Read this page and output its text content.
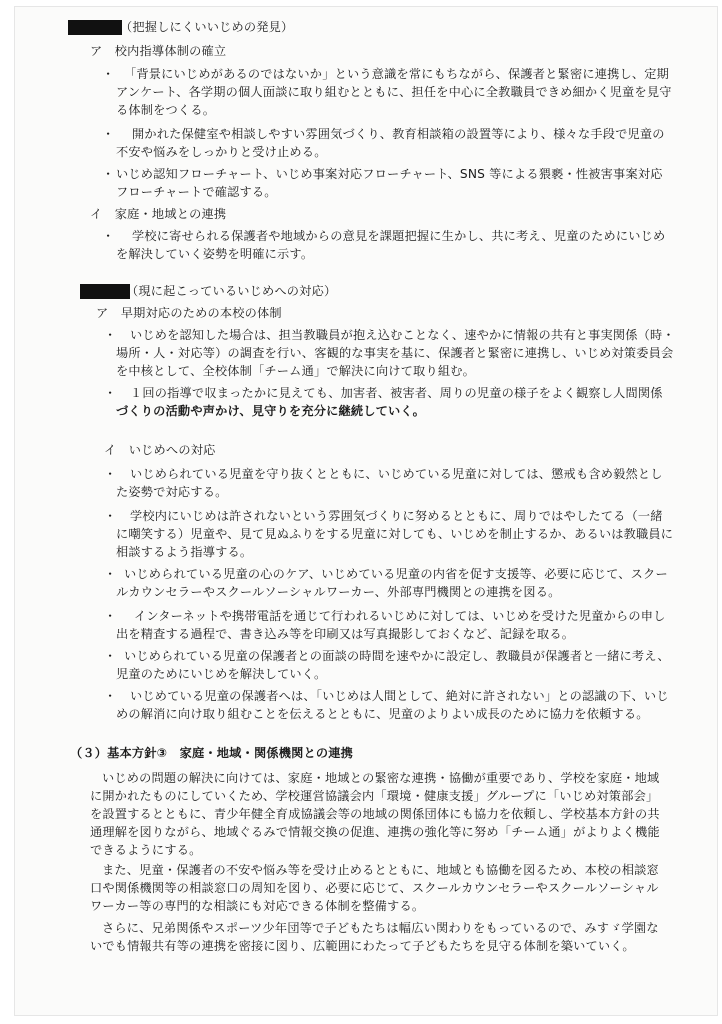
（把握しにくいいじめの発見）
ア　校内指導体制の確立
・ 「背景にいじめがあるのではないか」という意識を常にもちながら、保護者と緊密に連携し、定期
アンケート、各学期の個人面談に取り組むとともに、担任を中心に全教職員できめ細かく児童を見守
る体制をつくる。
・ 開かれた保健室や相談しやすい雰囲気づくり、教育相談箱の設置等により、様々な手段で児童の
不安や悩みをしっかりと受け止める。
・ いじめ認知フローチャート、いじめ事案対応フローチャート、SNS 等による猥褻・性被害事案対応
フローチャートで確認する。
イ　家庭・地域との連携
・ 学校に寄せられる保護者や地域からの意見を課題把握に生かし、共に考え、児童のためにいじめ
を解決していく姿勢を明確に示す。
（現に起こっているいじめへの対応）
ア　早期対応のための本校の体制
・ いじめを認知した場合は、担当教職員が抱え込むことなく、速やかに情報の共有と事実関係（時・
場所・人・対応等）の調査を行い、客観的な事実を基に、保護者と緊密に連携し、いじめ対策委員会
を中核として、全校体制「チーム通」で解決に向けて取り組む。
・ １回の指導で収まったかに見えても、加害者、被害者、周りの児童の様子をよく観察し人間関係
づくりの活動や声かけ、見守りを充分に継続していく。
イ　いじめへの対応
・ いじめられている児童を守り抜くとともに、いじめている児童に対しては、懲戒も含め毅然とし
た姿勢で対応する。
・ 学校内にいじめは許されないという雰囲気づくりに努めるとともに、周りではやしたてる（一緒
に嘲笑する）児童や、見て見ぬふりをする児童に対しても、いじめを制止するか、あるいは教職員に
相談するよう指導する。
・ いじめられている児童の心のケア、いじめている児童の内省を促す支援等、必要に応じて、スクー
ルカウンセラーやスクールソーシャルワーカー、外部専門機関との連携を図る。
・ インターネットや携帯電話を通じて行われるいじめに対しては、いじめを受けた児童からの申し
出を精査する過程で、書き込み等を印刷又は写真撮影しておくなど、記録を取る。
・ いじめられている児童の保護者との面談の時間を速やかに設定し、教職員が保護者と一緒に考え、
児童のためにいじめを解決していく。
・ いじめている児童の保護者へは、「いじめは人間として、絶対に許されない」との認識の下、いじ
めの解消に向け取り組むことを伝えるとともに、児童のよりよい成長のために協力を依頼する。
（３）基本方針③　家庭・地域・関係機関との連携
いじめの問題の解決に向けては、家庭・地域との緊密な連携・協働が重要であり、学校を家庭・地域
に開かれたものにしていくため、学校運営協議会内「環境・健康支援」グループに「いじめ対策部会」
を設置するとともに、青少年健全育成協議会等の地域の関係団体にも協力を依頼し、学校基本方針の共
通理解を図りながら、地域ぐるみで情報交換の促進、連携の強化等に努め「チーム通」がよりよく機能
できるようにする。
また、児童・保護者の不安や悩み等を受け止めるとともに、地域とも協働を図るため、本校の相談窓
口や関係機関等の相談窓口の周知を図り、必要に応じて、スクールカウンセラーやスクールソーシャル
ワーカー等の専門的な相談にも対応できる体制を整備する。
さらに、兄弟関係やスポーツ少年団等で子どもたちは幅広い関わりをもっているので、みすゞ学園な
いでも情報共有等の連携を密接に図り、広範囲にわたって子どもたちを見守る体制を築いていく。
